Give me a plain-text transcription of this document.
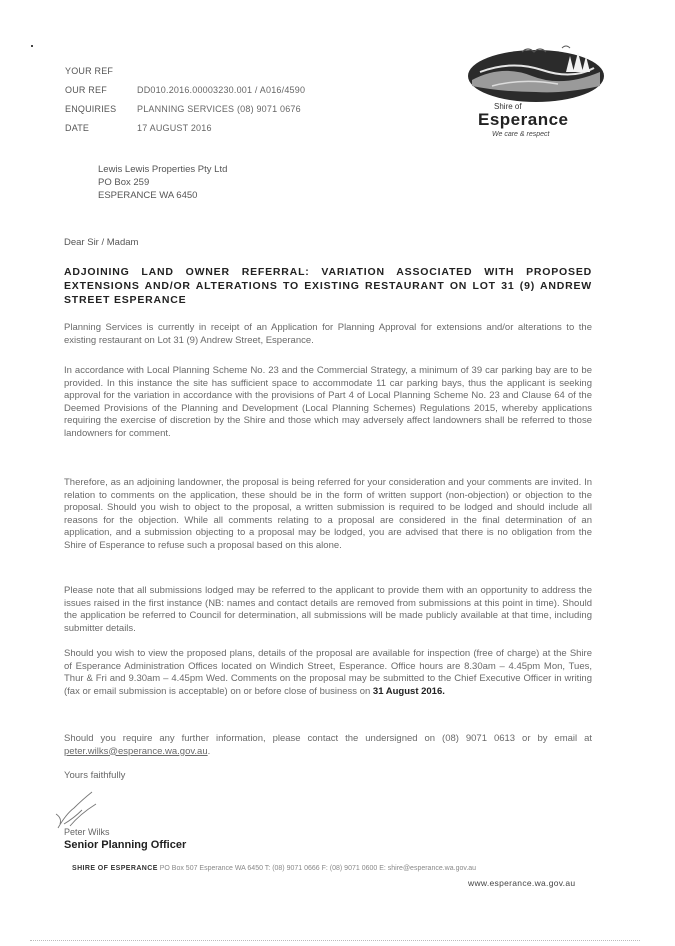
YOUR REF
OUR REF	DD010.2016.00003230.001 / A016/4590
ENQUIRIES	PLANNING SERVICES (08) 9071 0676
DATE	17 AUGUST 2016
Shire of
Esperance
We care & respect
Lewis Lewis Properties Pty Ltd
PO Box 259
ESPERANCE WA 6450
Dear Sir / Madam
ADJOINING LAND OWNER REFERRAL: VARIATION ASSOCIATED WITH PROPOSED EXTENSIONS AND/OR ALTERATIONS TO EXISTING RESTAURANT ON LOT 31 (9) ANDREW STREET ESPERANCE

Planning Services is currently in receipt of an Application for Planning Approval for extensions and/or alterations to the existing restaurant on Lot 31 (9) Andrew Street, Esperance.

In accordance with Local Planning Scheme No. 23 and the Commercial Strategy, a minimum of 39 car parking bay are to be provided. In this instance the site has sufficient space to accommodate 11 car parking bays, thus the applicant is seeking approval for the variation in accordance with the provisions of Part 4 of Local Planning Scheme No. 23 and Clause 64 of the Deemed Provisions of the Planning and Development (Local Planning Schemes) Regulations 2015, whereby applications requiring the exercise of discretion by the Shire and those which may adversely affect landowners shall be referred to those landowners for comment.

Therefore, as an adjoining landowner, the proposal is being referred for your consideration and your comments are invited. In relation to comments on the application, these should be in the form of written support (non-objection) or objection to the proposal. Should you wish to object to the proposal, a written submission is required to be lodged and should include all reasons for the objection. While all comments relating to a proposal are considered in the final determination of an application, and a submission objecting to a proposal may be lodged, you are advised that there is no obligation from the Shire of Esperance to refuse such a proposal based on this alone.

Please note that all submissions lodged may be referred to the applicant to provide them with an opportunity to address the issues raised in the first instance (NB: names and contact details are removed from submissions at this point in time). Should the application be referred to Council for determination, all submissions will be made publicly available at that time, including submitter details.

Should you wish to view the proposed plans, details of the proposal are available for inspection (free of charge) at the Shire of Esperance Administration Offices located on Windich Street, Esperance. Office hours are 8.30am – 4.45pm Mon, Tues, Thur & Fri and 9.30am – 4.45pm Wed. Comments on the proposal may be submitted to the Chief Executive Officer in writing (fax or email submission is acceptable) on or before close of business on 31 August 2016.

Should you require any further information, please contact the undersigned on (08) 9071 0613 or by email at peter.wilks@esperance.wa.gov.au.

Yours faithfully
Peter Wilks
Senior Planning Officer
SHIRE OF ESPERANCE PO Box 507 Esperance WA 6450 T: (08) 9071 0666 F: (08) 9071 0600 E: shire@esperance.wa.gov.au
www.esperance.wa.gov.au
